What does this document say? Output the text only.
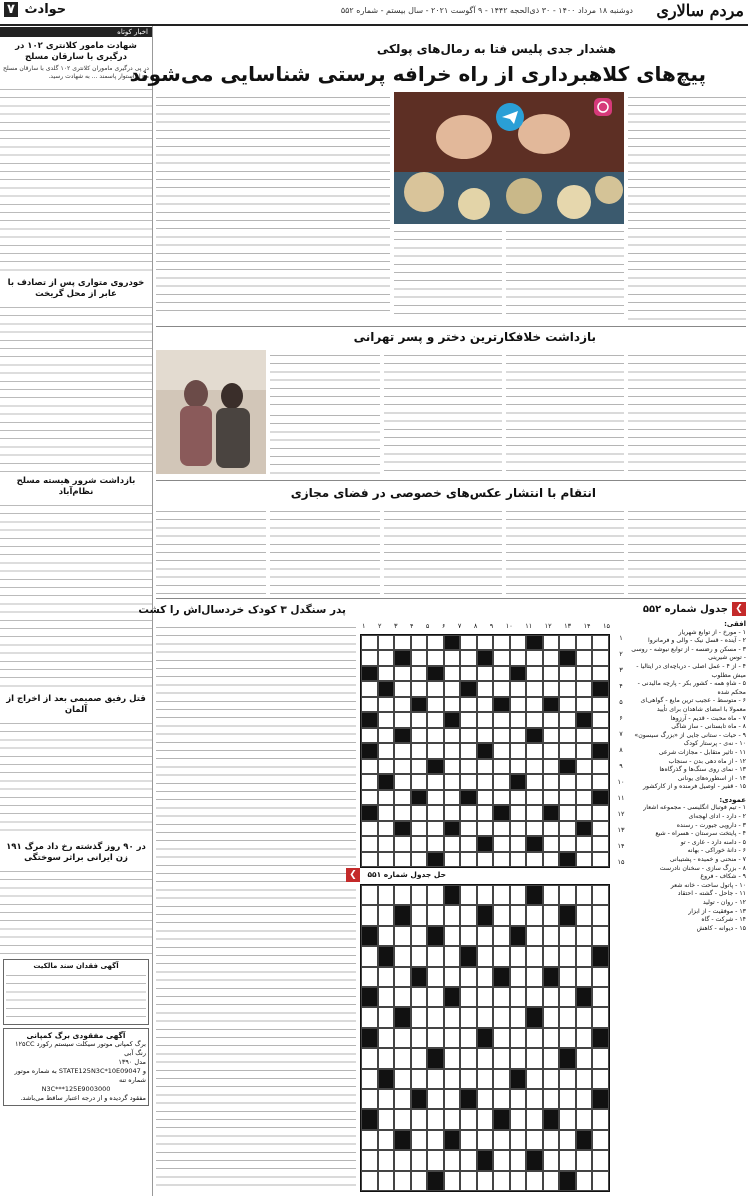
مردم سالاری
دوشنبه ۱۸ مرداد ۱۴۰۰ - ۳۰ ذی‌الحجه ۱۴۴۲ - ۹ آگوست ۲۰۲۱ - سال بیستم - شماره ۵۵۲
حوادث ۷
اخبار کوتاه
شهادت مامور کلانتری ۱۰۲ در درگیری با سارقان مسلح

در پی درگیری ماموران کلانتری ۱۰۲ گلدی با سارقان مسلح منزل استوار پاسمند ... به شهادت رسید.

خودروی متواری پس از تصادف با عابر از محل گریخت
بازداشت شرور هیسته مسلح نظام‌آباد
قتل رفیق صمیمی بعد از اخراج از آلمان
در ۹۰ روز گذشته رخ داد مرگ ۱۹۱ زن ایرانی براثر سوختگی
آگهی فقدان سند مالکیت
آگهی مفقودی برگ کمپانی
برگ کمپانی موتور سیکلت سیستم رکورد ۱۲۵CC رنگ آبی
مدل ۱۳۹۰
به شماره موتور STATE125N3C*10E09047 و شماره تنه
N3C***125E9003000
مفقود گردیده و از درجه اعتبار ساقط می‌باشد.
هشدار جدی پلیس فتا به رمال‌های پولکی
پیچ‌های کلاهبرداری از راه خرافه پرستی شناسایی می‌شوند
بازداشت خلافکارترین دختر و پسر تهرانی
انتقام با انتشار عکس‌های خصوصی در فضای مجازی
❯
جدول شماره ۵۵۲
افقی:
۱ - مورخ - از توابع شهریار
۲ - آینده - قسل نیک - والی و فرمانروا
۳ - مسکن و رضسه - از توابع نیوشه - روسی - توس شیرینی
۴ - از ۴ - عمل اصلی - درباچه‌ای در ایتالیا - میش مطلوب
۵ - شاهِ همه - کشور بکر - پارچه مالیدنی - محکم شده
۶ - متوسط - عجیب ترین مایع - گواهی‌ای معمولا با امضای شاهدان برای تأیید
۷ - ماه محبت - قدیم - آرزوها
۸ - ماه تابستانی - ساز شاگی
۹ - حیات - ستانی جایی از «بزرگ سیسون»
۱۰ - نه‌ی - پرستار کودک
۱۱ - تاثیر متقابل - مجازات شرعی
۱۲ - از ماه دهی بدن - سنجاب
۱۳ - نمای روی سنگ‌ها و گذرگاه‌ها
۱۴ - از اسطوره‌های یونانی
۱۵ - قفیر - اوصیل فرمنده و از کارکشور
عمودی:
۱ - تیم فوتبال انگلیسی - مجموعه اشعار
۲ - دارد - ادای لهجه‌ای
۳ - دارویی جیورت - رسنده
۴ - پایتخت سرستان - هسراه - شیع
۵ - دامنه دارد - عاری - تو
۶ - دانهٔ خوراکی - بهانه
۷ - منحنی و خمیده - پشتیبانی
۸ - بزرگ سازی - سخنان نادرست
۹ - شکاف - فروغ
۱۰ - پاتول ساحت - خانه شعر
۱۱ - جاحل - گشته - احتقاد
۱۲ - روان - تولید
۱۳ - موفقیت - از ابزار
۱۴ - شرکت - گاه
۱۵ - دیوانه - کاهش
۱۵
۱۴
۱۳
۱۲
۱۱
۱۰
۹
۸
۷
۶
۵
۴
۳
۲
۱
۱
۲
۳
۴
۵
۶
۷
۸
۹
۱۰
۱۱
۱۲
۱۳
۱۴
۱۵
پدر سنگدل ۳ کودک خردسال‌اش را کشت
حل جدول شماره ۵۵۱
❯
